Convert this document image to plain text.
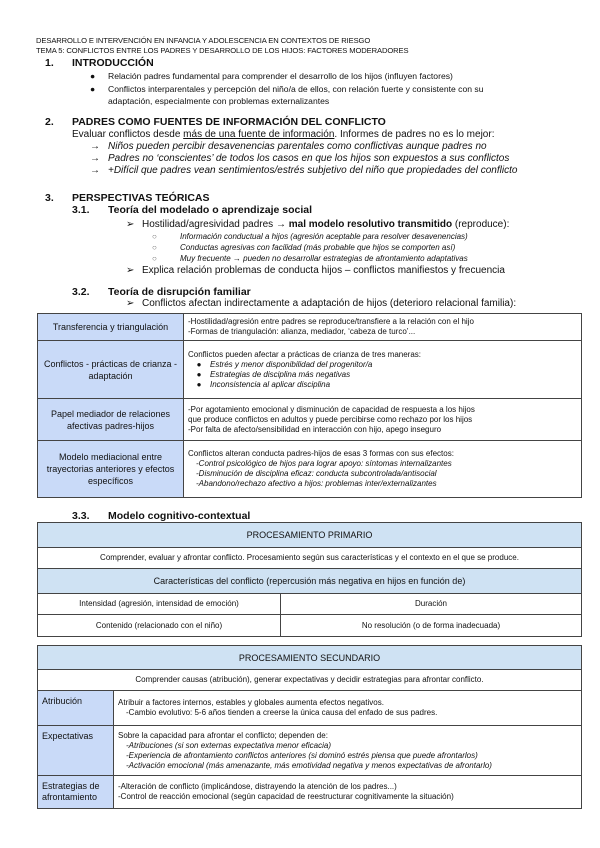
DESARROLLO E INTERVENCIÓN EN INFANCIA Y ADOLESCENCIA EN CONTEXTOS DE RIESGO
TEMA 5: CONFLICTOS ENTRE LOS PADRES Y DESARROLLO DE LOS HIJOS: FACTORES MODERADORES
1. INTRODUCCIÓN
● Relación padres fundamental para comprender el desarrollo de los hijos (influyen factores)
● Conflictos interparentales y percepción del niño/a de ellos, con relación fuerte y consistente con su
adaptación, especialmente con problemas externalizantes
2. PADRES COMO FUENTES DE INFORMACIÓN DEL CONFLICTO
Evaluar conflictos desde más de una fuente de información. Informes de padres no es lo mejor:
→ Niños pueden percibir desavenencias parentales como conflictivas aunque padres no
→ Padres no ‘conscientes’ de todos los casos en que los hijos son expuestos a sus conflictos
→ +Difícil que padres vean sentimientos/estrés subjetivo del niño que propiedades del conflicto
3. PERSPECTIVAS TEÓRICAS
3.1. Teoría del modelado o aprendizaje social
➢ Hostilidad/agresividad padres → mal modelo resolutivo transmitido (reproduce):
○	Información conductual a hijos (agresión aceptable para resolver desavenencias)
○	Conductas agresivas con facilidad (más probable que hijos se comporten así)
○	Muy frecuente → pueden no desarrollar estrategias de afrontamiento adaptativas
➢ Explica relación problemas de conducta hijos – conflictos manifiestos y frecuencia
3.2. Teoría de disrupción familiar
➢ Conflictos afectan indirectamente a adaptación de hijos (deterioro relacional familia):
Transferencia y triangulación	-Hostilidad/agresión entre padres se reproduce/transfiere a la relación con el hijo
-Formas de triangulación: alianza, mediador, ‘cabeza de turco’...

Conflictos - prácticas de crianza - adaptación	Conflictos pueden afectar a prácticas de crianza de tres maneras:
● Estrés y menor disponibilidad del progenitor/a
● Estrategias de disciplina más negativas
● Inconsistencia al aplicar disciplina

Papel mediador de relaciones afectivas padres-hijos	-Por agotamiento emocional y disminución de capacidad de respuesta a los hijos
que produce conflictos en adultos y puede percibirse como rechazo por los hijos
-Por falta de afecto/sensibilidad en interacción con hijo, apego inseguro

Modelo mediacional entre trayectorias anteriores y efectos específicos	Conflictos alteran conducta padres-hijos de esas 3 formas con sus efectos:
-Control psicológico de hijos para lograr apoyo: síntomas internalizantes
-Disminución de disciplina eficaz: conducta subcontrolada/antisocial
-Abandono/rechazo afectivo a hijos: problemas inter/externalizantes
3.3. Modelo cognitivo-contextual
PROCESAMIENTO PRIMARIO	
Comprender, evaluar y afrontar conflicto. Procesamiento según sus características y el contexto en el que se produce.	
Características del conflicto (repercusión más negativa en hijos en función de)	
Intensidad (agresión, intensidad de emoción)	Duración
Contenido (relacionado con el niño)	No resolución (o de forma inadecuada)
PROCESAMIENTO SECUNDARIO	
Comprender causas (atribución), generar expectativas y decidir estrategias para afrontar conflicto.	
Atribución	Atribuir a factores internos, estables y globales aumenta efectos negativos.
-Cambio evolutivo: 5-6 años tienden a creerse la única causa del enfado de sus padres.

Expectativas	Sobre la capacidad para afrontar el conflicto; dependen de:
-Atribuciones (si son externas expectativa menor eficacia)
-Experiencia de afrontamiento conflictos anteriores (si dominó estrés piensa que puede afrontarlos)
-Activación emocional (más amenazante, más emotividad negativa y menos expectativas de afrontarlo)

Estrategias de afrontamiento	-Alteración de conflicto (implicándose, distrayendo la atención de los padres...)
-Control de reacción emocional (según capacidad de reestructurar cognitivamente la situación)
